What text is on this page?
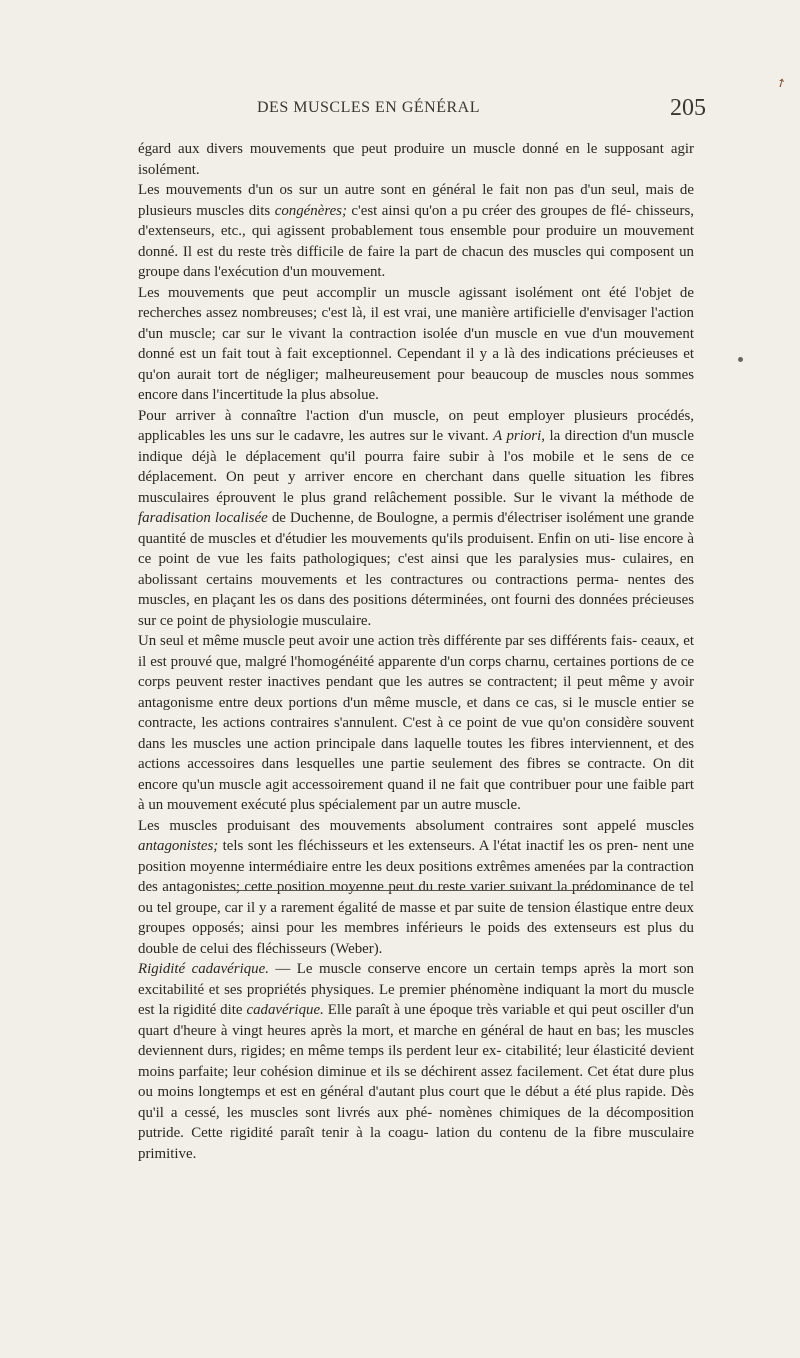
➚
DES MUSCLES EN GÉNÉRAL	205

égard aux divers mouvements que peut produire un muscle donné en le supposant agir isolément.

Les mouvements d'un os sur un autre sont en général le fait non pas d'un seul, mais de plusieurs muscles dits congénères; c'est ainsi qu'on a pu créer des groupes de flé- chisseurs, d'extenseurs, etc., qui agissent probablement tous ensemble pour produire un mouvement donné. Il est du reste très difficile de faire la part de chacun des muscles qui composent un groupe dans l'exécution d'un mouvement.

Les mouvements que peut accomplir un muscle agissant isolément ont été l'objet de recherches assez nombreuses; c'est là, il est vrai, une manière artificielle d'envisager l'action d'un muscle; car sur le vivant la contraction isolée d'un muscle en vue d'un mouvement donné est un fait tout à fait exceptionnel. Cependant il y a là des indications précieuses et qu'on aurait tort de négliger; malheureusement pour beaucoup de muscles nous sommes encore dans l'incertitude la plus absolue.

Pour arriver à connaître l'action d'un muscle, on peut employer plusieurs procédés, applicables les uns sur le cadavre, les autres sur le vivant. A priori, la direction d'un muscle indique déjà le déplacement qu'il pourra faire subir à l'os mobile et le sens de ce déplacement. On peut y arriver encore en cherchant dans quelle situation les fibres musculaires éprouvent le plus grand relâchement possible. Sur le vivant la méthode de faradisation localisée de Duchenne, de Boulogne, a permis d'électriser isolément une grande quantité de muscles et d'étudier les mouvements qu'ils produisent. Enfin on uti- lise encore à ce point de vue les faits pathologiques; c'est ainsi que les paralysies mus- culaires, en abolissant certains mouvements et les contractures ou contractions perma- nentes des muscles, en plaçant les os dans des positions déterminées, ont fourni des données précieuses sur ce point de physiologie musculaire.

Un seul et même muscle peut avoir une action très différente par ses différents fais- ceaux, et il est prouvé que, malgré l'homogénéité apparente d'un corps charnu, certaines portions de ce corps peuvent rester inactives pendant que les autres se contractent; il peut même y avoir antagonisme entre deux portions d'un même muscle, et dans ce cas, si le muscle entier se contracte, les actions contraires s'annulent. C'est à ce point de vue qu'on considère souvent dans les muscles une action principale dans laquelle toutes les fibres interviennent, et des actions accessoires dans lesquelles une partie seulement des fibres se contracte. On dit encore qu'un muscle agit accessoirement quand il ne fait que contribuer pour une faible part à un mouvement exécuté plus spécialement par un autre muscle.

Les muscles produisant des mouvements absolument contraires sont appelé muscles antagonistes; tels sont les fléchisseurs et les extenseurs. A l'état inactif les os pren- nent une position moyenne intermédiaire entre les deux positions extrêmes amenées par la contraction des antagonistes; cette position moyenne peut du reste varier suivant la prédominance de tel ou tel groupe, car il y a rarement égalité de masse et par suite de tension élastique entre deux groupes opposés; ainsi pour les membres inférieurs le poids des extenseurs est plus du double de celui des fléchisseurs (Weber).

Rigidité cadavérique. — Le muscle conserve encore un certain temps après la mort son excitabilité et ses propriétés physiques. Le premier phénomène indiquant la mort du muscle est la rigidité dite cadavérique. Elle paraît à une époque très variable et qui peut osciller d'un quart d'heure à vingt heures après la mort, et marche en général de haut en bas; les muscles deviennent durs, rigides; en même temps ils perdent leur ex- citabilité; leur élasticité devient moins parfaite; leur cohésion diminue et ils se déchirent assez facilement. Cet état dure plus ou moins longtemps et est en général d'autant plus court que le début a été plus rapide. Dès qu'il a cessé, les muscles sont livrés aux phé- nomènes chimiques de la décomposition putride. Cette rigidité paraît tenir à la coagu- lation du contenu de la fibre musculaire primitive.
